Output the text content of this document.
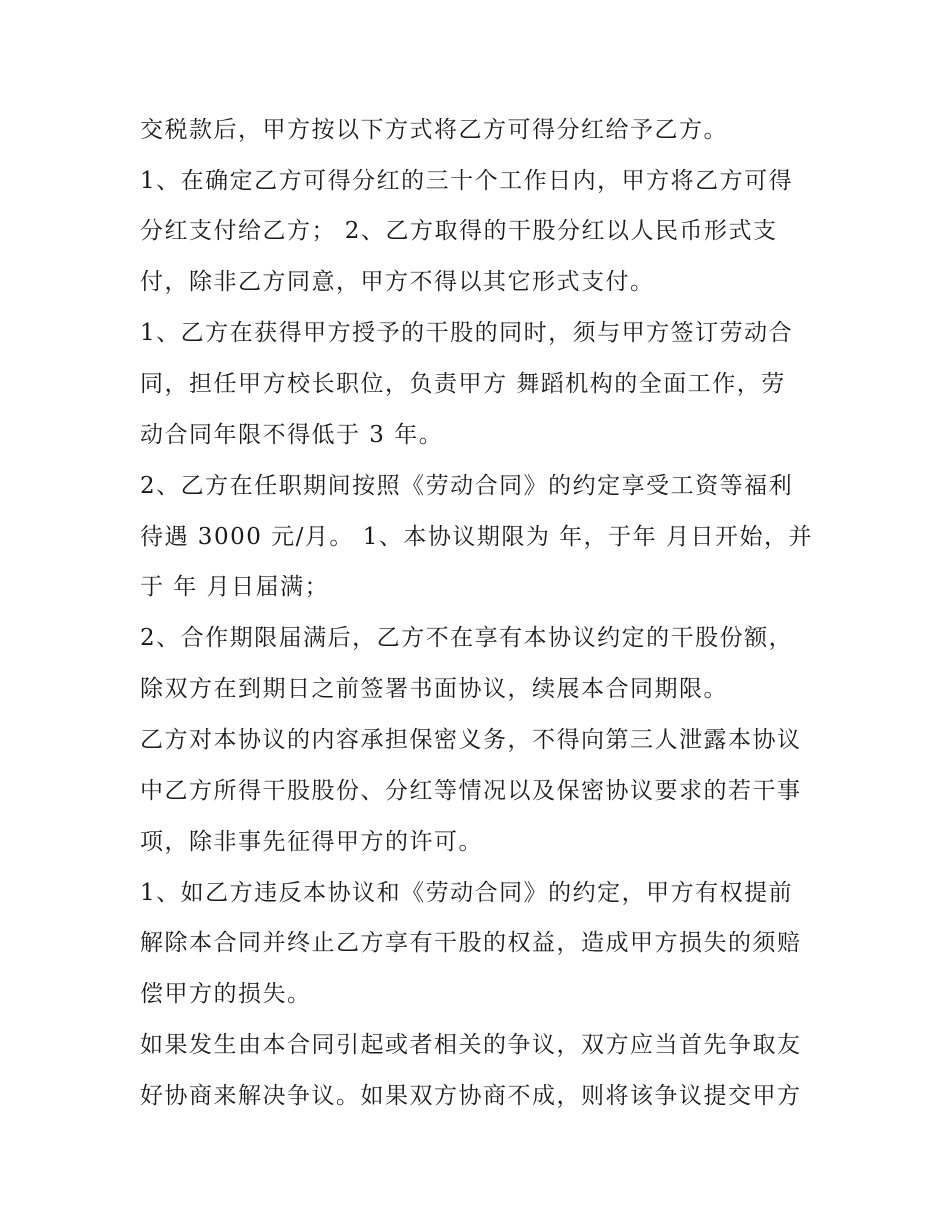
交税款后，甲方按以下方式将乙方可得分红给予乙方。
1、在确定乙方可得分红的三十个工作日内，甲方将乙方可得
分红支付给乙方； 2、乙方取得的干股分红以人民币形式支
付，除非乙方同意，甲方不得以其它形式支付。
1、乙方在获得甲方授予的干股的同时，须与甲方签订劳动合
同，担任甲方校长职位，负责甲方 舞蹈机构的全面工作，劳
动合同年限不得低于 3 年。
2、乙方在任职期间按照《劳动合同》的约定享受工资等福利
待遇 3000 元/月。 1、本协议期限为 年，于年 月日开始，并
于 年 月日届满；
2、合作期限届满后，乙方不在享有本协议约定的干股份额，
除双方在到期日之前签署书面协议，续展本合同期限。
乙方对本协议的内容承担保密义务，不得向第三人泄露本协议
中乙方所得干股股份、分红等情况以及保密协议要求的若干事
项，除非事先征得甲方的许可。
1、如乙方违反本协议和《劳动合同》的约定，甲方有权提前
解除本合同并终止乙方享有干股的权益，造成甲方损失的须赔
偿甲方的损失。
如果发生由本合同引起或者相关的争议，双方应当首先争取友
好协商来解决争议。如果双方协商不成，则将该争议提交甲方
